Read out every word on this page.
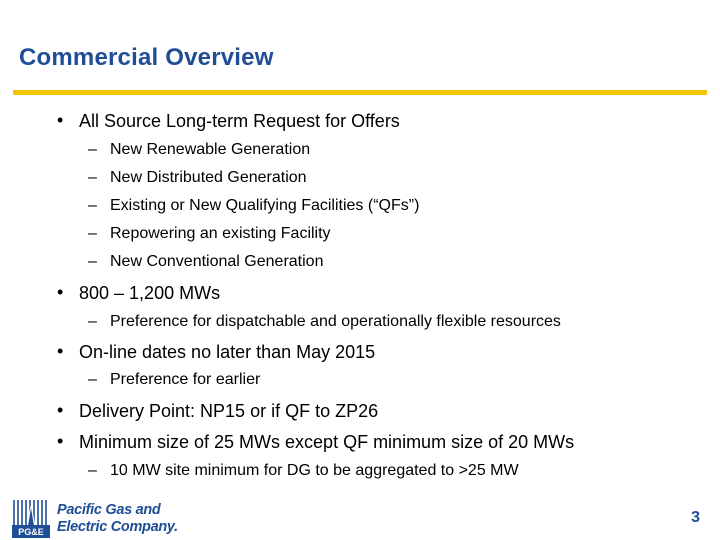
Commercial Overview
• All Source Long-term Request for Offers
– New Renewable Generation
– New Distributed Generation
– Existing or New Qualifying Facilities (“QFs”)
– Repowering an existing Facility
– New Conventional Generation
• 800 – 1,200 MWs
– Preference for dispatchable and operationally flexible resources
• On-line dates no later than May 2015
– Preference for earlier
• Delivery Point: NP15 or if QF to ZP26
• Minimum size of 25 MWs except QF minimum size of 20 MWs
– 10 MW site minimum for DG to be aggregated to >25 MW
PG&E
Pacific Gas and
Electric Company.
3
